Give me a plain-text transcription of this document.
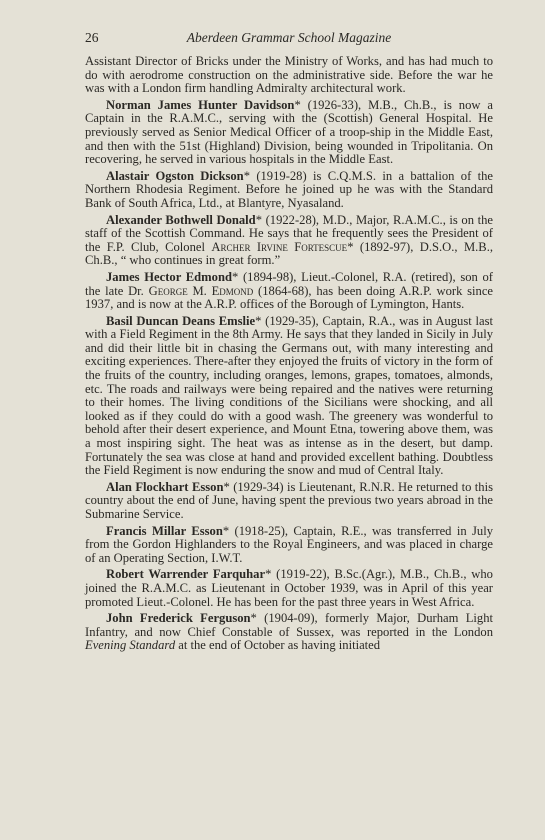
26	Aberdeen Grammar School Magazine

Assistant Director of Bricks under the Ministry of Works, and has had much to do with aerodrome construction on the administrative side. Before the war he was with a London firm handling Admiralty architectural work.

Norman James Hunter Davidson* (1926-33), M.B., Ch.B., is now a Captain in the R.A.M.C., serving with the (Scottish) General Hospital. He previously served as Senior Medical Officer of a troop-ship in the Middle East, and then with the 51st (Highland) Division, being wounded in Tripolitania. On recovering, he served in various hospitals in the Middle East.

Alastair Ogston Dickson* (1919-28) is C.Q.M.S. in a battalion of the Northern Rhodesia Regiment. Before he joined up he was with the Standard Bank of South Africa, Ltd., at Blantyre, Nyasaland.

Alexander Bothwell Donald* (1922-28), M.D., Major, R.A.M.C., is on the staff of the Scottish Command. He says that he frequently sees the President of the F.P. Club, Colonel Archer Irvine Fortescue* (1892-97), D.S.O., M.B., Ch.B., “ who continues in great form.”

James Hector Edmond* (1894-98), Lieut.-Colonel, R.A. (retired), son of the late Dr. George M. Edmond (1864-68), has been doing A.R.P. work since 1937, and is now at the A.R.P. offices of the Borough of Lymington, Hants.

Basil Duncan Deans Emslie* (1929-35), Captain, R.A., was in August last with a Field Regiment in the 8th Army. He says that they landed in Sicily in July and did their little bit in chasing the Germans out, with many interesting and exciting experiences. There-after they enjoyed the fruits of victory in the form of the fruits of the country, including oranges, lemons, grapes, tomatoes, almonds, etc. The roads and railways were being repaired and the natives were returning to their homes. The living conditions of the Sicilians were shocking, and all looked as if they could do with a good wash. The greenery was wonderful to behold after their desert experience, and Mount Etna, towering above them, was a most inspiring sight. The heat was as intense as in the desert, but damp. Fortunately the sea was close at hand and provided excellent bathing. Doubtless the Field Regiment is now enduring the snow and mud of Central Italy.

Alan Flockhart Esson* (1929-34) is Lieutenant, R.N.R. He returned to this country about the end of June, having spent the previous two years abroad in the Submarine Service.

Francis Millar Esson* (1918-25), Captain, R.E., was transferred in July from the Gordon Highlanders to the Royal Engineers, and was placed in charge of an Operating Section, I.W.T.

Robert Warrender Farquhar* (1919-22), B.Sc.(Agr.), M.B., Ch.B., who joined the R.A.M.C. as Lieutenant in October 1939, was in April of this year promoted Lieut.-Colonel. He has been for the past three years in West Africa.

John Frederick Ferguson* (1904-09), formerly Major, Durham Light Infantry, and now Chief Constable of Sussex, was reported in the London Evening Standard at the end of October as having initiated
